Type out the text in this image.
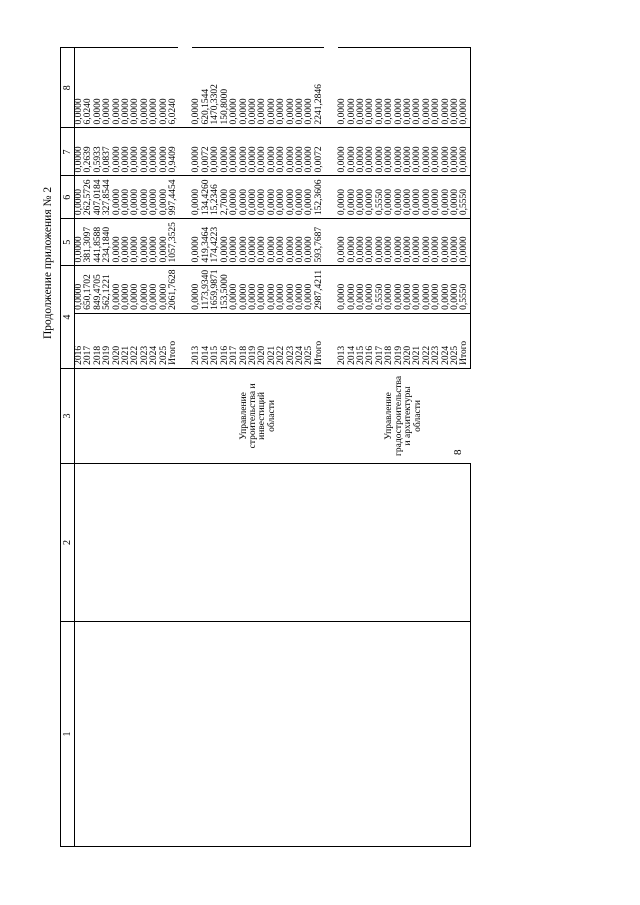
8
Продолжение приложения № 2
1	2	3	4		5	6	7	8
			2016	0,0000	0,0000	0,0000	0,0000	0,0000
			2017	650,1702	381,3097	262,5726	0,2639	6,0240
			2018	849,4705	441,8588	407,0184	0,5933	0,0000
			2019	562,1221	234,1840	327,8544	0,0837	0,0000
			2020	0,0000	0,0000	0,0000	0,0000	0,0000
			2021	0,0000	0,0000	0,0000	0,0000	0,0000
			2022	0,0000	0,0000	0,0000	0,0000	0,0000
			2023	0,0000	0,0000	0,0000	0,0000	0,0000
			2024	0,0000	0,0000	0,0000	0,0000	0,0000
			2025	0,0000	0,0000	0,0000	0,0000	0,0000
			Итого	2061,7628	1057,3525	997,4454	0,9409	6,0240

		Управление строительства и инвестиций области	2013	0,0000	0,0000	0,0000	0,0000	0,0000
			2014	1173,9340	419,3464	134,4260	0,0072	620,1544
			2015	1659,9871	174,4223	15,2346	0,0000	1470,3302
			2016	153,5000	0,0000	2,7000	0,0000	150,8000
			2017	0,0000	0,0000	0,0000	0,0000	0,0000
			2018	0,0000	0,0000	0,0000	0,0000	0,0000
			2019	0,0000	0,0000	0,0000	0,0000	0,0000
			2020	0,0000	0,0000	0,0000	0,0000	0,0000
			2021	0,0000	0,0000	0,0000	0,0000	0,0000
			2022	0,0000	0,0000	0,0000	0,0000	0,0000
			2023	0,0000	0,0000	0,0000	0,0000	0,0000
			2024	0,0000	0,0000	0,0000	0,0000	0,0000
			2025	0,0000	0,0000	0,0000	0,0000	0,0000
			Итого	2987,4211	593,7687	152,3606	0,0072	2241,2846

		Управление градостроительства и архитектуры области	2013	0,0000	0,0000	0,0000	0,0000	0,0000
			2014	0,0000	0,0000	0,0000	0,0000	0,0000
			2015	0,0000	0,0000	0,0000	0,0000	0,0000
			2016	0,0000	0,0000	0,0000	0,0000	0,0000
			2017	0,5550	0,0000	0,5550	0,0000	0,0000
			2018	0,0000	0,0000	0,0000	0,0000	0,0000
			2019	0,0000	0,0000	0,0000	0,0000	0,0000
			2020	0,0000	0,0000	0,0000	0,0000	0,0000
			2021	0,0000	0,0000	0,0000	0,0000	0,0000
			2022	0,0000	0,0000	0,0000	0,0000	0,0000
			2023	0,0000	0,0000	0,0000	0,0000	0,0000
			2024	0,0000	0,0000	0,0000	0,0000	0,0000
			2025	0,0000	0,0000	0,0000	0,0000	0,0000
			Итого	0,5550	0,0000	0,5550	0,0000	0,0000
